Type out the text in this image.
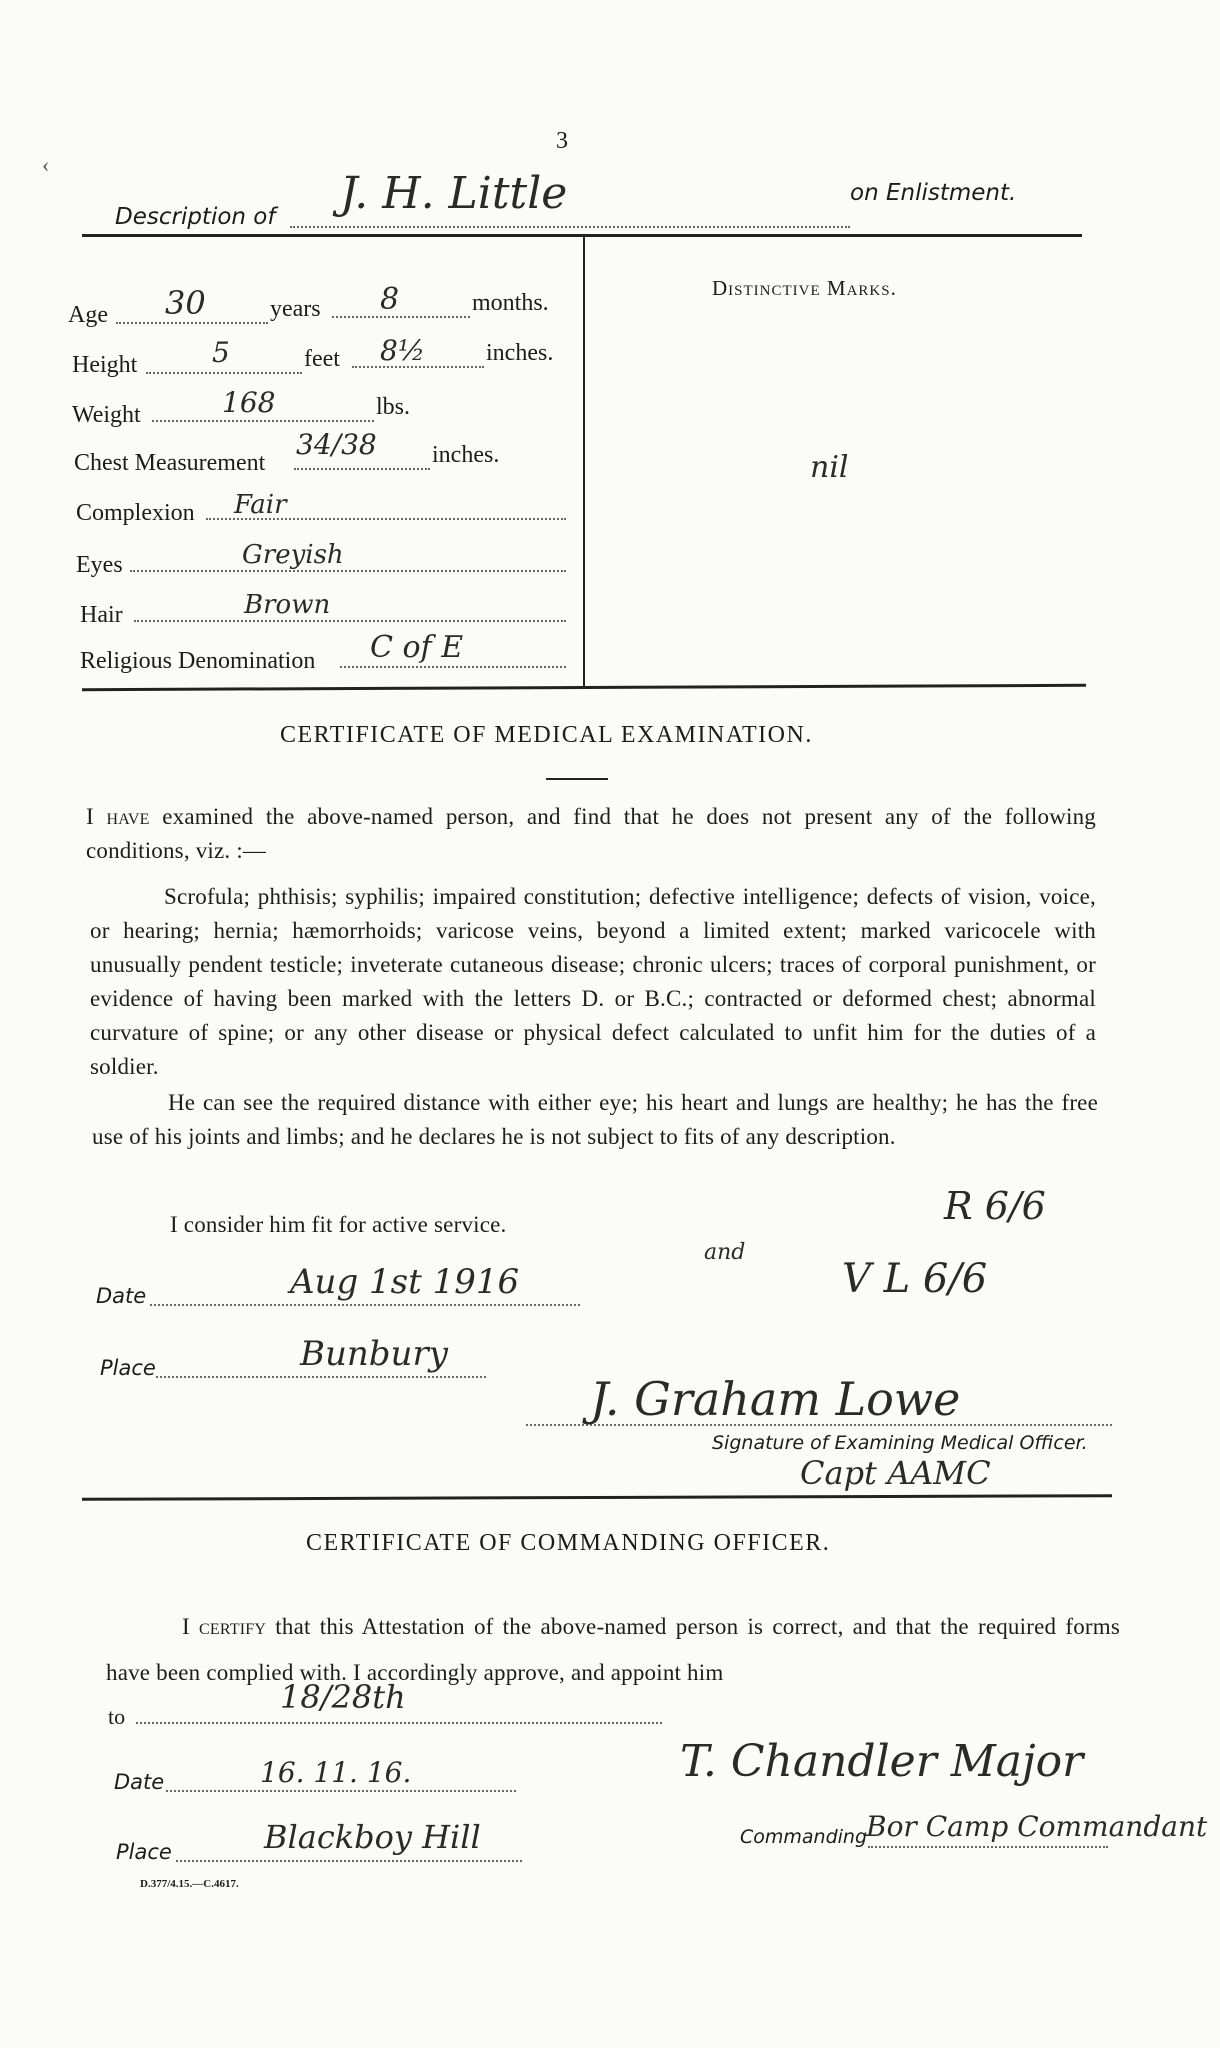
3
‹
Description of J. H. Little	on Enlistment.
Age 30	years 8	months.
Height	5	feet 8½	inches.
Weight	168	lbs.
Chest Measurement
34/38 inches.
Complexion Fair
Eyes	Greyish
Hair	Brown
Religious Denomination C of E
Distinctive Marks.
nil
CERTIFICATE OF MEDICAL EXAMINATION.

I have examined the above-named person, and find that he does not present any of the following conditions, viz. :—

Scrofula; phthisis; syphilis; impaired constitution; defective intelligence; defects of vision, voice, or hearing; hernia; hæmorrhoids; varicose veins, beyond a limited extent; marked varicocele with unusually pendent testicle; inveterate cutaneous disease; chronic ulcers; traces of corporal punishment, or evidence of having been marked with the letters D. or B.C.; contracted or deformed chest; abnormal curvature of spine; or any other disease or physical defect calculated to unfit him for the duties of a soldier.

He can see the required distance with either eye; his heart and lungs are healthy; he has the free use of his joints and limbs; and he declares he is not subject to fits of any description.

I consider him fit for active service.	R 6/6
and
V L 6/6
Date	Aug 1st 1916
Place	Bunbury
J. Graham Lowe
Signature of Examining Medical Officer.
Capt AAMC
CERTIFICATE OF COMMANDING OFFICER.

I certify that this Attestation of the above-named person is correct, and that the required forms have been complied with. I accordingly approve, and appoint him

to
18/28th
T. Chandler Major
Date	16. 11. 16.
Place	Blackboy Hill	Commanding
Bor Camp Commandant
D.377/4.15.—C.4617.
